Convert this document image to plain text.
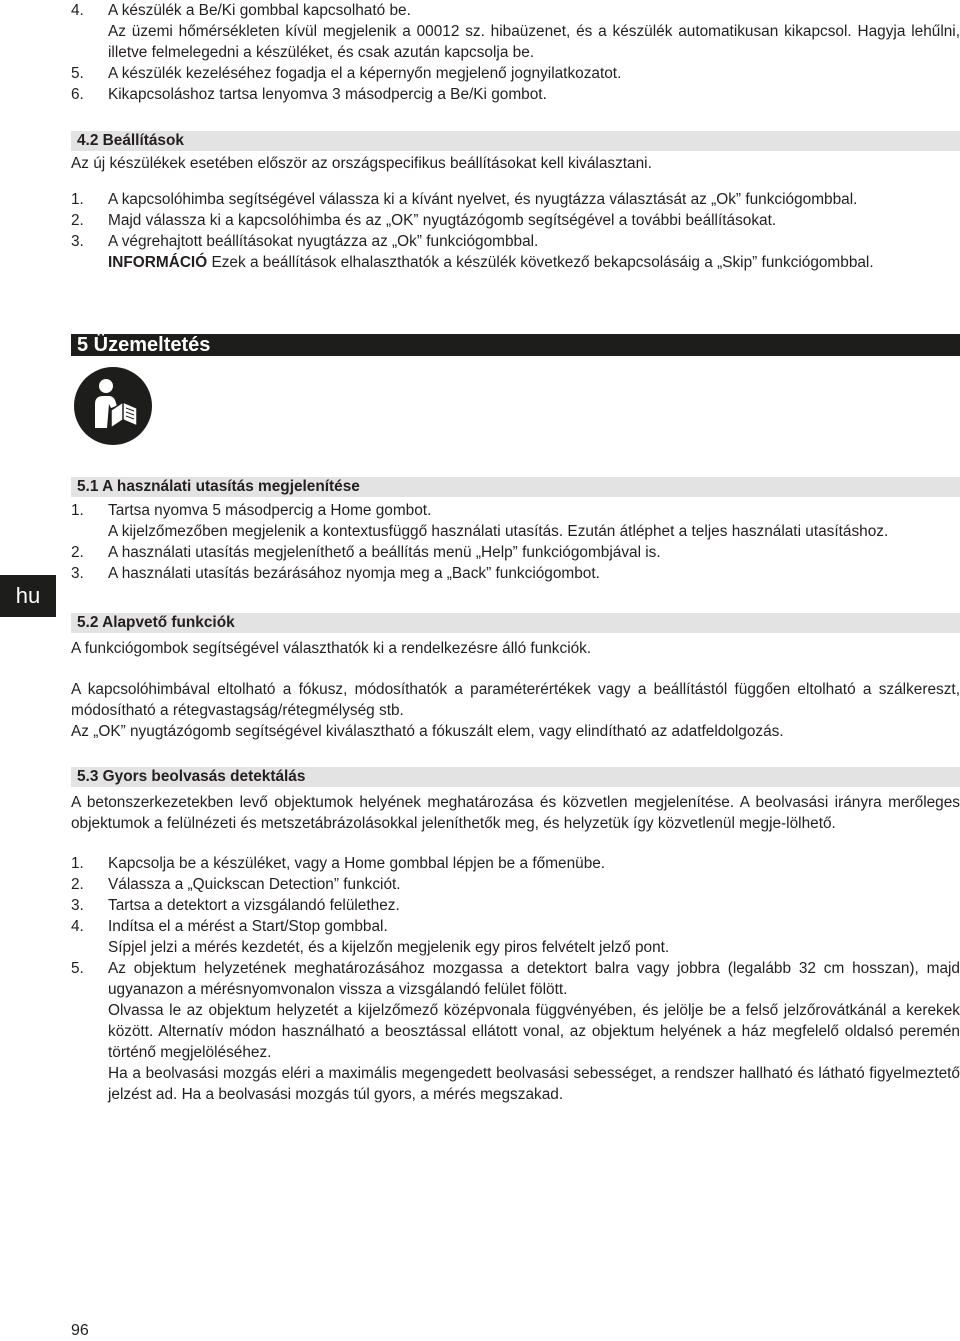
4.	A készülék a Be/Ki gombbal kapcsolható be.

Az üzemi hőmérsékleten kívül megjelenik a 00012 sz. hibaüzenet, és a készülék automatikusan kikapcsol. Hagyja lehűlni, illetve felmelegedni a készüléket, és csak azután kapcsolja be.

5.	A készülék kezeléséhez fogadja el a képernyőn megjelenő jognyilatkozatot.

6.	Kikapcsoláshoz tartsa lenyomva 3 másodpercig a Be/Ki gombot.

4.2 Beállítások

Az új készülékek esetében először az országspecifikus beállításokat kell kiválasztani.

1.	A kapcsolóhimba segítségével válassza ki a kívánt nyelvet, és nyugtázza választását az „Ok” funkciógombbal.

2.	Majd válassza ki a kapcsolóhimba és az „OK” nyugtázógomb segítségével a további beállításokat.

3.	A végrehajtott beállításokat nyugtázza az „Ok” funkciógombbal.

INFORMÁCIÓ Ezek a beállítások elhalaszthatók a készülék következő bekapcsolásáig a „Skip” funkciógombbal.

5 Üzemeltetés

5.1 A használati utasítás megjelenítése

1.	Tartsa nyomva 5 másodpercig a Home gombot.

A kijelzőmezőben megjelenik a kontextusfüggő használati utasítás. Ezután átléphet a teljes használati utasításhoz.

2.	A használati utasítás megjeleníthető a beállítás menü „Help” funkciógombjával is.

3.	A használati utasítás bezárásához nyomja meg a „Back” funkciógombot.

hu

5.2 Alapvető funkciók

A funkciógombok segítségével választhatók ki a rendelkezésre álló funkciók.

A kapcsolóhimbával eltolható a fókusz, módosíthatók a paraméterértékek vagy a beállítástól függően eltolható a szálkereszt, módosítható a rétegvastagság/rétegmélység stb.

Az „OK” nyugtázógomb segítségével kiválasztható a fókuszált elem, vagy elindítható az adatfeldolgozás.

5.3 Gyors beolvasás detektálás

A betonszerkezetekben levő objektumok helyének meghatározása és közvetlen megjelenítése. A beolvasási irányra merőleges objektumok a felülnézeti és metszetábrázolásokkal jeleníthetők meg, és helyzetük így közvetlenül megje-lölhető.

1.	Kapcsolja be a készüléket, vagy a Home gombbal lépjen be a főmenübe.

2.	Válassza a „Quickscan Detection” funkciót.

3.	Tartsa a detektort a vizsgálandó felülethez.

4.	Indítsa el a mérést a Start/Stop gombbal.

Sípjel jelzi a mérés kezdetét, és a kijelzőn megjelenik egy piros felvételt jelző pont.

5.	Az objektum helyzetének meghatározásához mozgassa a detektort balra vagy jobbra (legalább 32 cm hosszan), majd ugyanazon a mérésnyomvonalon vissza a vizsgálandó felület fölött.

Olvassa le az objektum helyzetét a kijelzőmező középvonala függvényében, és jelölje be a felső jelzőrovátkánál a kerekek között. Alternatív módon használható a beosztással ellátott vonal, az objektum helyének a ház megfelelő oldalsó peremén történő megjelöléséhez.

Ha a beolvasási mozgás eléri a maximális megengedett beolvasási sebességet, a rendszer hallható és látható figyelmeztető jelzést ad. Ha a beolvasási mozgás túl gyors, a mérés megszakad.

96
